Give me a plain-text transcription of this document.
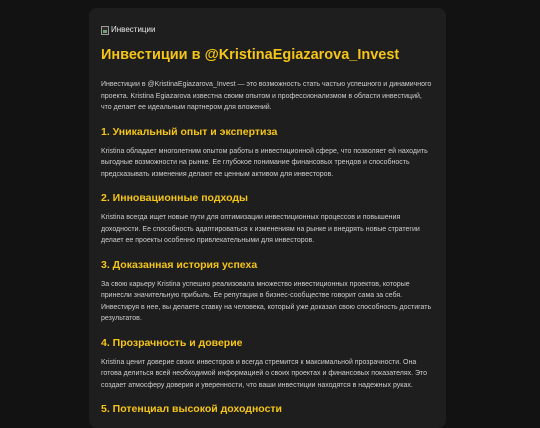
Инвестиции
Инвестиции в @KristinaEgiazarova_Invest

Инвестиции в @KristinaEgiazarova_Invest — это возможность стать частью успешного и динамичного проекта. Kristina Egiazarova известна своим опытом и профессионализмом в области инвестиций, что делает ее идеальным партнером для вложений.

1. Уникальный опыт и экспертиза

Kristina обладает многолетним опытом работы в инвестиционной сфере, что позволяет ей находить выгодные возможности на рынке. Ее глубокое понимание финансовых трендов и способность предсказывать изменения делают ее ценным активом для инвесторов.

2. Инновационные подходы

Kristina всегда ищет новые пути для оптимизации инвестиционных процессов и повышения доходности. Ее способность адаптироваться к изменениям на рынке и внедрять новые стратегии делает ее проекты особенно привлекательными для инвесторов.

3. Доказанная история успеха

За свою карьеру Kristina успешно реализовала множество инвестиционных проектов, которые принесли значительную прибыль. Ее репутация в бизнес-сообществе говорит сама за себя. Инвестируя в нее, вы делаете ставку на человека, который уже доказал свою способность достигать результатов.

4. Прозрачность и доверие

Kristina ценит доверие своих инвесторов и всегда стремится к максимальной прозрачности. Она готова делиться всей необходимой информацией о своих проектах и финансовых показателях. Это создает атмосферу доверия и уверенности, что ваши инвестиции находятся в надежных руках.

5. Потенциал высокой доходности
